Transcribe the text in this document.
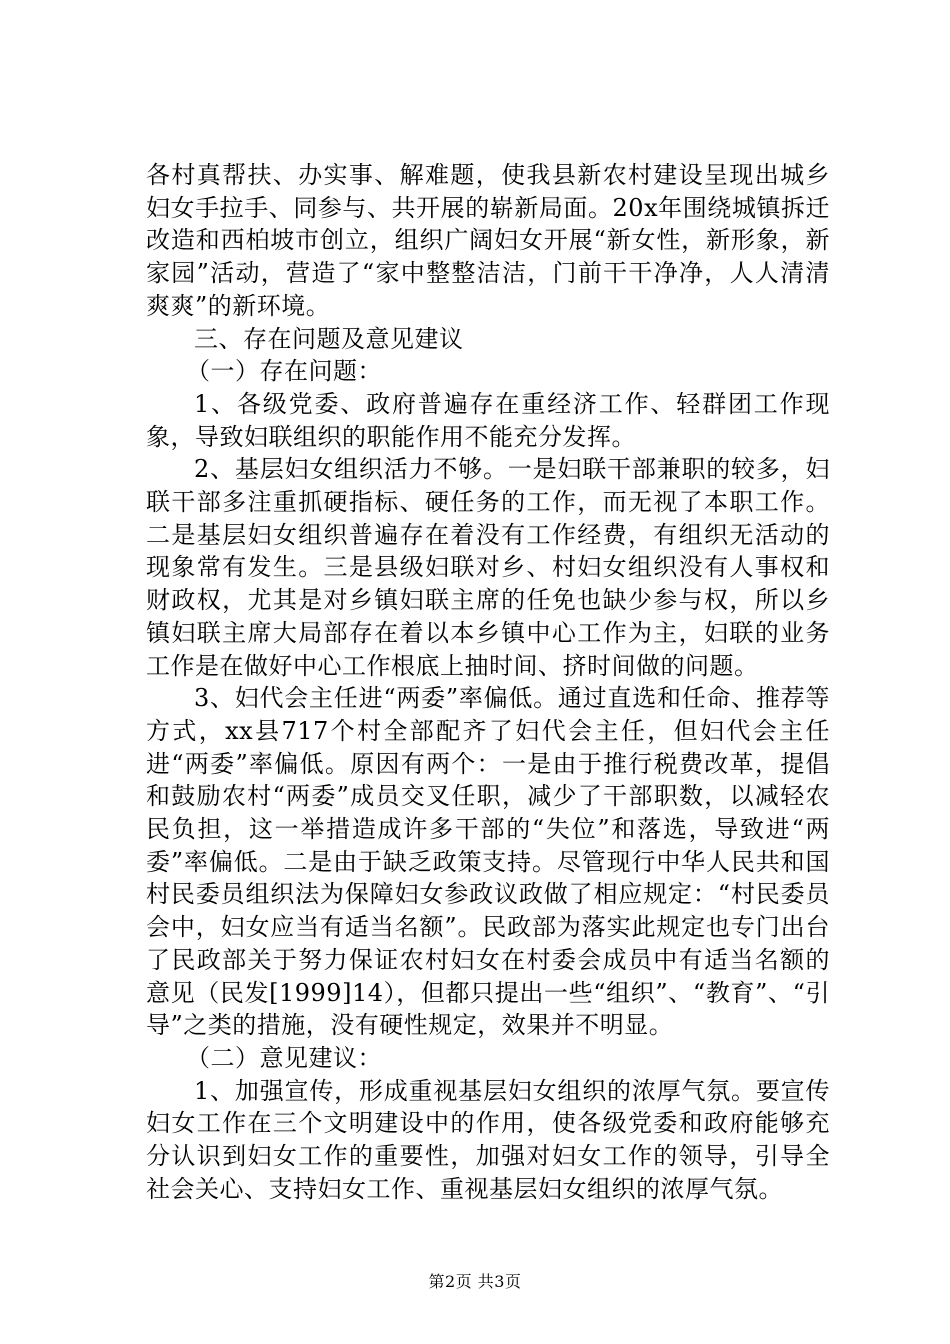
各村真帮扶、办实事、解难题，使我县新农村建设呈现出城乡妇女手拉手、同参与、共开展的崭新局面。20x年围绕城镇拆迁改造和西柏坡市创立，组织广阔妇女开展“新女性，新形象，新家园”活动，营造了“家中整整洁洁，门前干干净净，人人清清爽爽”的新环境。

三、存在问题及意见建议

（一）存在问题：

1、各级党委、政府普遍存在重经济工作、轻群团工作现象，导致妇联组织的职能作用不能充分发挥。

2、基层妇女组织活力不够。一是妇联干部兼职的较多，妇联干部多注重抓硬指标、硬任务的工作，而无视了本职工作。二是基层妇女组织普遍存在着没有工作经费，有组织无活动的现象常有发生。三是县级妇联对乡、村妇女组织没有人事权和财政权，尤其是对乡镇妇联主席的任免也缺少参与权，所以乡镇妇联主席大局部存在着以本乡镇中心工作为主，妇联的业务工作是在做好中心工作根底上抽时间、挤时间做的问题。

3、妇代会主任进“两委”率偏低。通过直选和任命、推荐等方式，xx县717个村全部配齐了妇代会主任，但妇代会主任进“两委”率偏低。原因有两个：一是由于推行税费改革，提倡和鼓励农村“两委”成员交叉任职，减少了干部职数，以减轻农民负担，这一举措造成许多干部的“失位”和落选，导致进“两委”率偏低。二是由于缺乏政策支持。尽管现行中华人民共和国村民委员组织法为保障妇女参政议政做了相应规定：“村民委员会中，妇女应当有适当名额”。民政部为落实此规定也专门出台了民政部关于努力保证农村妇女在村委会成员中有适当名额的意见（民发[1999]14），但都只提出一些“组织”、“教育”、“引导”之类的措施，没有硬性规定，效果并不明显。

（二）意见建议：

1、加强宣传，形成重视基层妇女组织的浓厚气氛。要宣传妇女工作在三个文明建设中的作用，使各级党委和政府能够充分认识到妇女工作的重要性，加强对妇女工作的领导，引导全社会关心、支持妇女工作、重视基层妇女组织的浓厚气氛。

第2页 共3页
